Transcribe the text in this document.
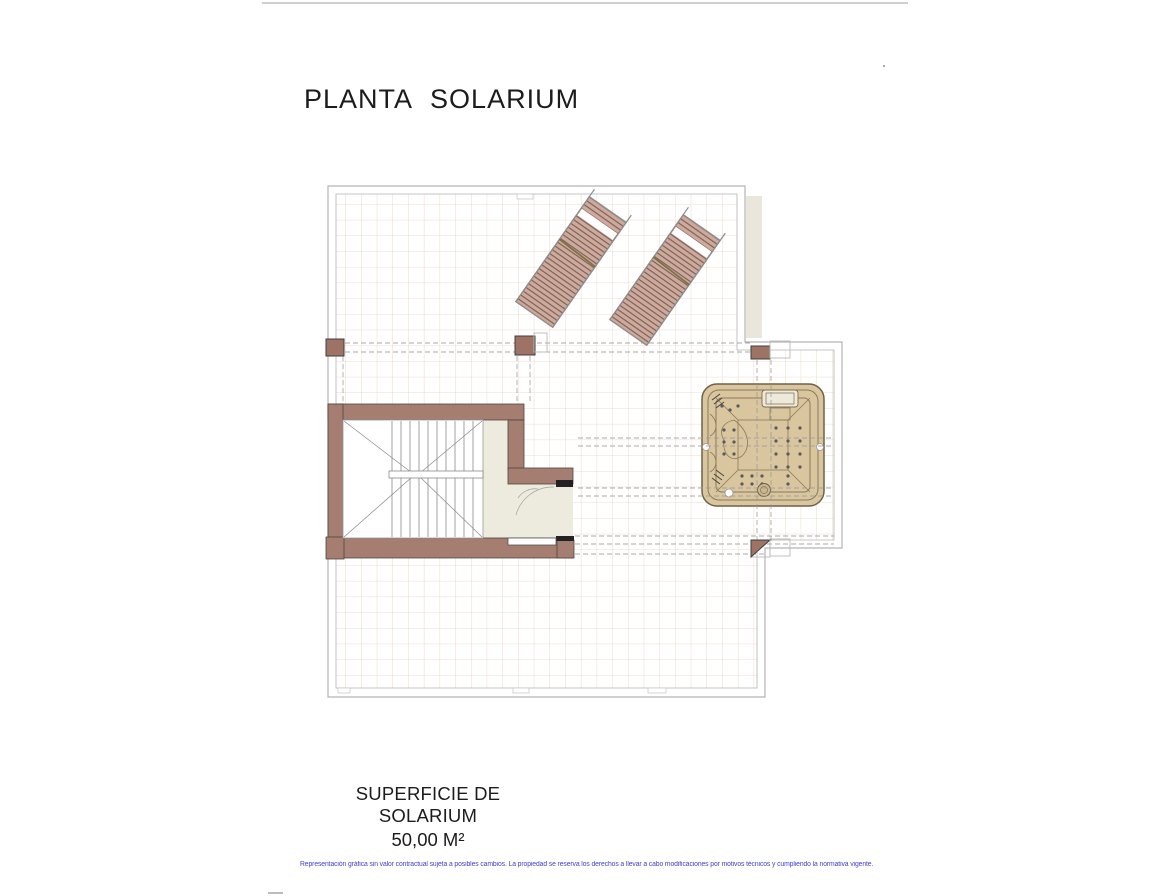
PLANTA SOLARIUM
SUPERFICIE DE SOLARIUM
50,00 M²
Representación gráfica sin valor contractual sujeta a posibles cambios. La propiedad se reserva los derechos a llevar a cabo modificaciones por motivos técnicos y cumpliendo la normativa vigente.
